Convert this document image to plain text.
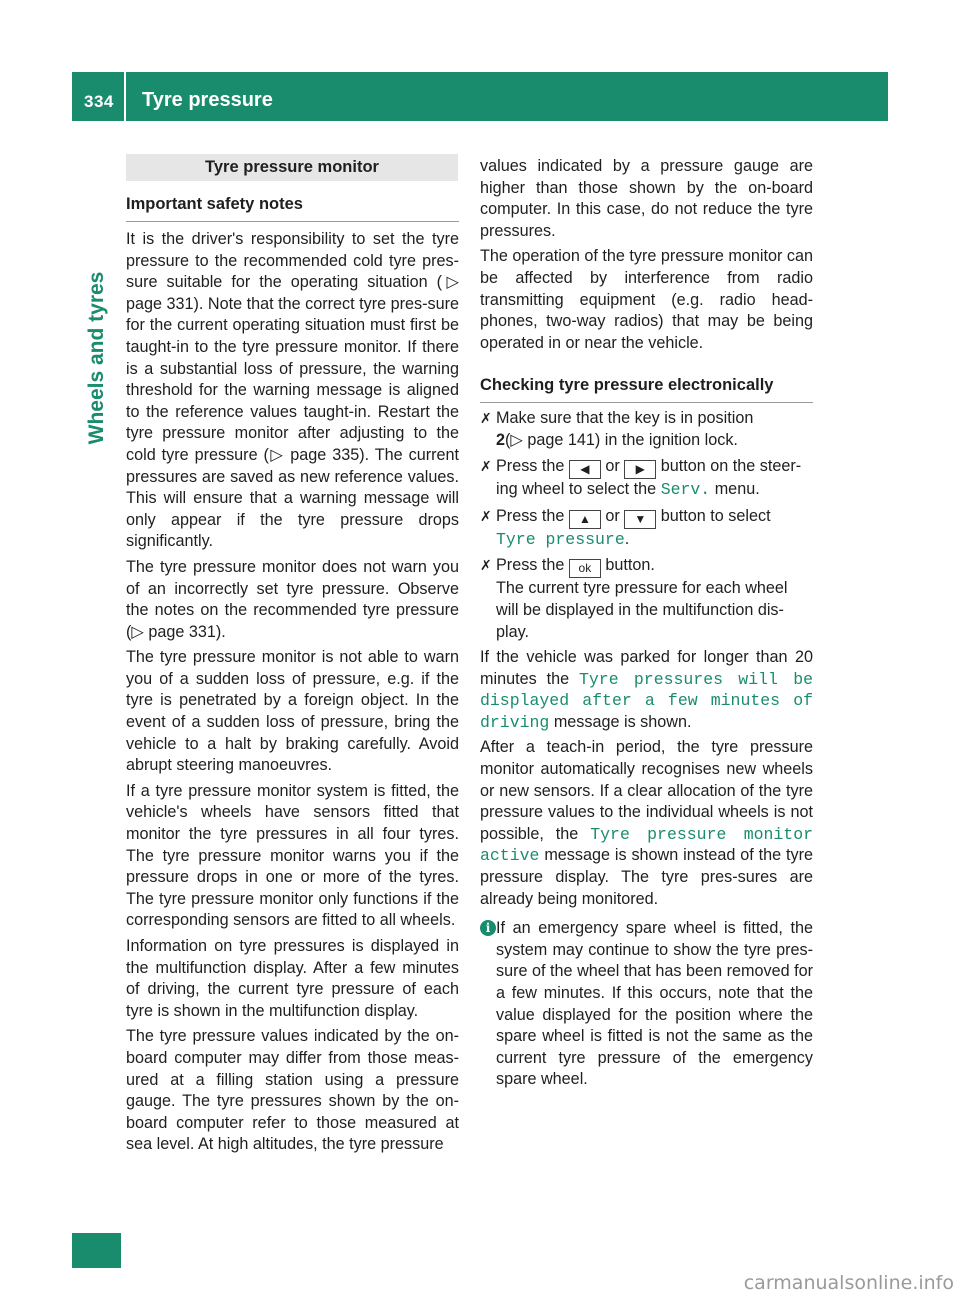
334 Tyre pressure
Wheels and tyres
Tyre pressure monitor
Important safety notes

It is the driver's responsibility to set the tyre pressure to the recommended cold tyre pres-sure suitable for the operating situation (▷ page 331). Note that the correct tyre pres-sure for the current operating situation must first be taught-in to the tyre pressure monitor. If there is a substantial loss of pressure, the warning threshold for the warning message is aligned to the reference values taught-in. Restart the tyre pressure monitor after adjusting to the cold tyre pressure (▷ page 335). The current pressures are saved as new reference values. This will ensure that a warning message will only appear if the tyre pressure drops significantly.

The tyre pressure monitor does not warn you of an incorrectly set tyre pressure. Observe the notes on the recommended tyre pressure (▷ page 331).

The tyre pressure monitor is not able to warn you of a sudden loss of pressure, e.g. if the tyre is penetrated by a foreign object. In the event of a sudden loss of pressure, bring the vehicle to a halt by braking carefully. Avoid abrupt steering manoeuvres.

If a tyre pressure monitor system is fitted, the vehicle's wheels have sensors fitted that monitor the tyre pressures in all four tyres. The tyre pressure monitor warns you if the pressure drops in one or more of the tyres. The tyre pressure monitor only functions if the corresponding sensors are fitted to all wheels.

Information on tyre pressures is displayed in the multifunction display. After a few minutes of driving, the current tyre pressure of each tyre is shown in the multifunction display.

The tyre pressure values indicated by the on-board computer may differ from those meas-ured at a filling station using a pressure gauge. The tyre pressures shown by the on-board computer refer to those measured at sea level. At high altitudes, the tyre pressure

values indicated by a pressure gauge are higher than those shown by the on-board computer. In this case, do not reduce the tyre pressures.

The operation of the tyre pressure monitor can be affected by interference from radio transmitting equipment (e.g. radio head-phones, two-way radios) that may be being operated in or near the vehicle.

Checking tyre pressure electronically
✗ Make sure that the key is in position
2(▷ page 141) in the ignition lock.
✗ Press the ◀ or ▶ button on the steer-ing wheel to select the Serv. menu.
✗ Press the ▲ or ▼ button to select
Tyre pressure.
✗ Press the ok button.
The current tyre pressure for each wheel will be displayed in the multifunction dis-play.

If the vehicle was parked for longer than 20 minutes the Tyre pressures will be displayed after a few minutes of driving message is shown.

After a teach-in period, the tyre pressure monitor automatically recognises new wheels or new sensors. If a clear allocation of the tyre pressure values to the individual wheels is not possible, the Tyre pressure monitor active message is shown instead of the tyre pressure display. The tyre pres-sures are already being monitored.

i If an emergency spare wheel is fitted, the system may continue to show the tyre pres-sure of the wheel that has been removed for a few minutes. If this occurs, note that the value displayed for the position where the spare wheel is fitted is not the same as the current tyre pressure of the emergency spare wheel.

carmanualsonline.info
